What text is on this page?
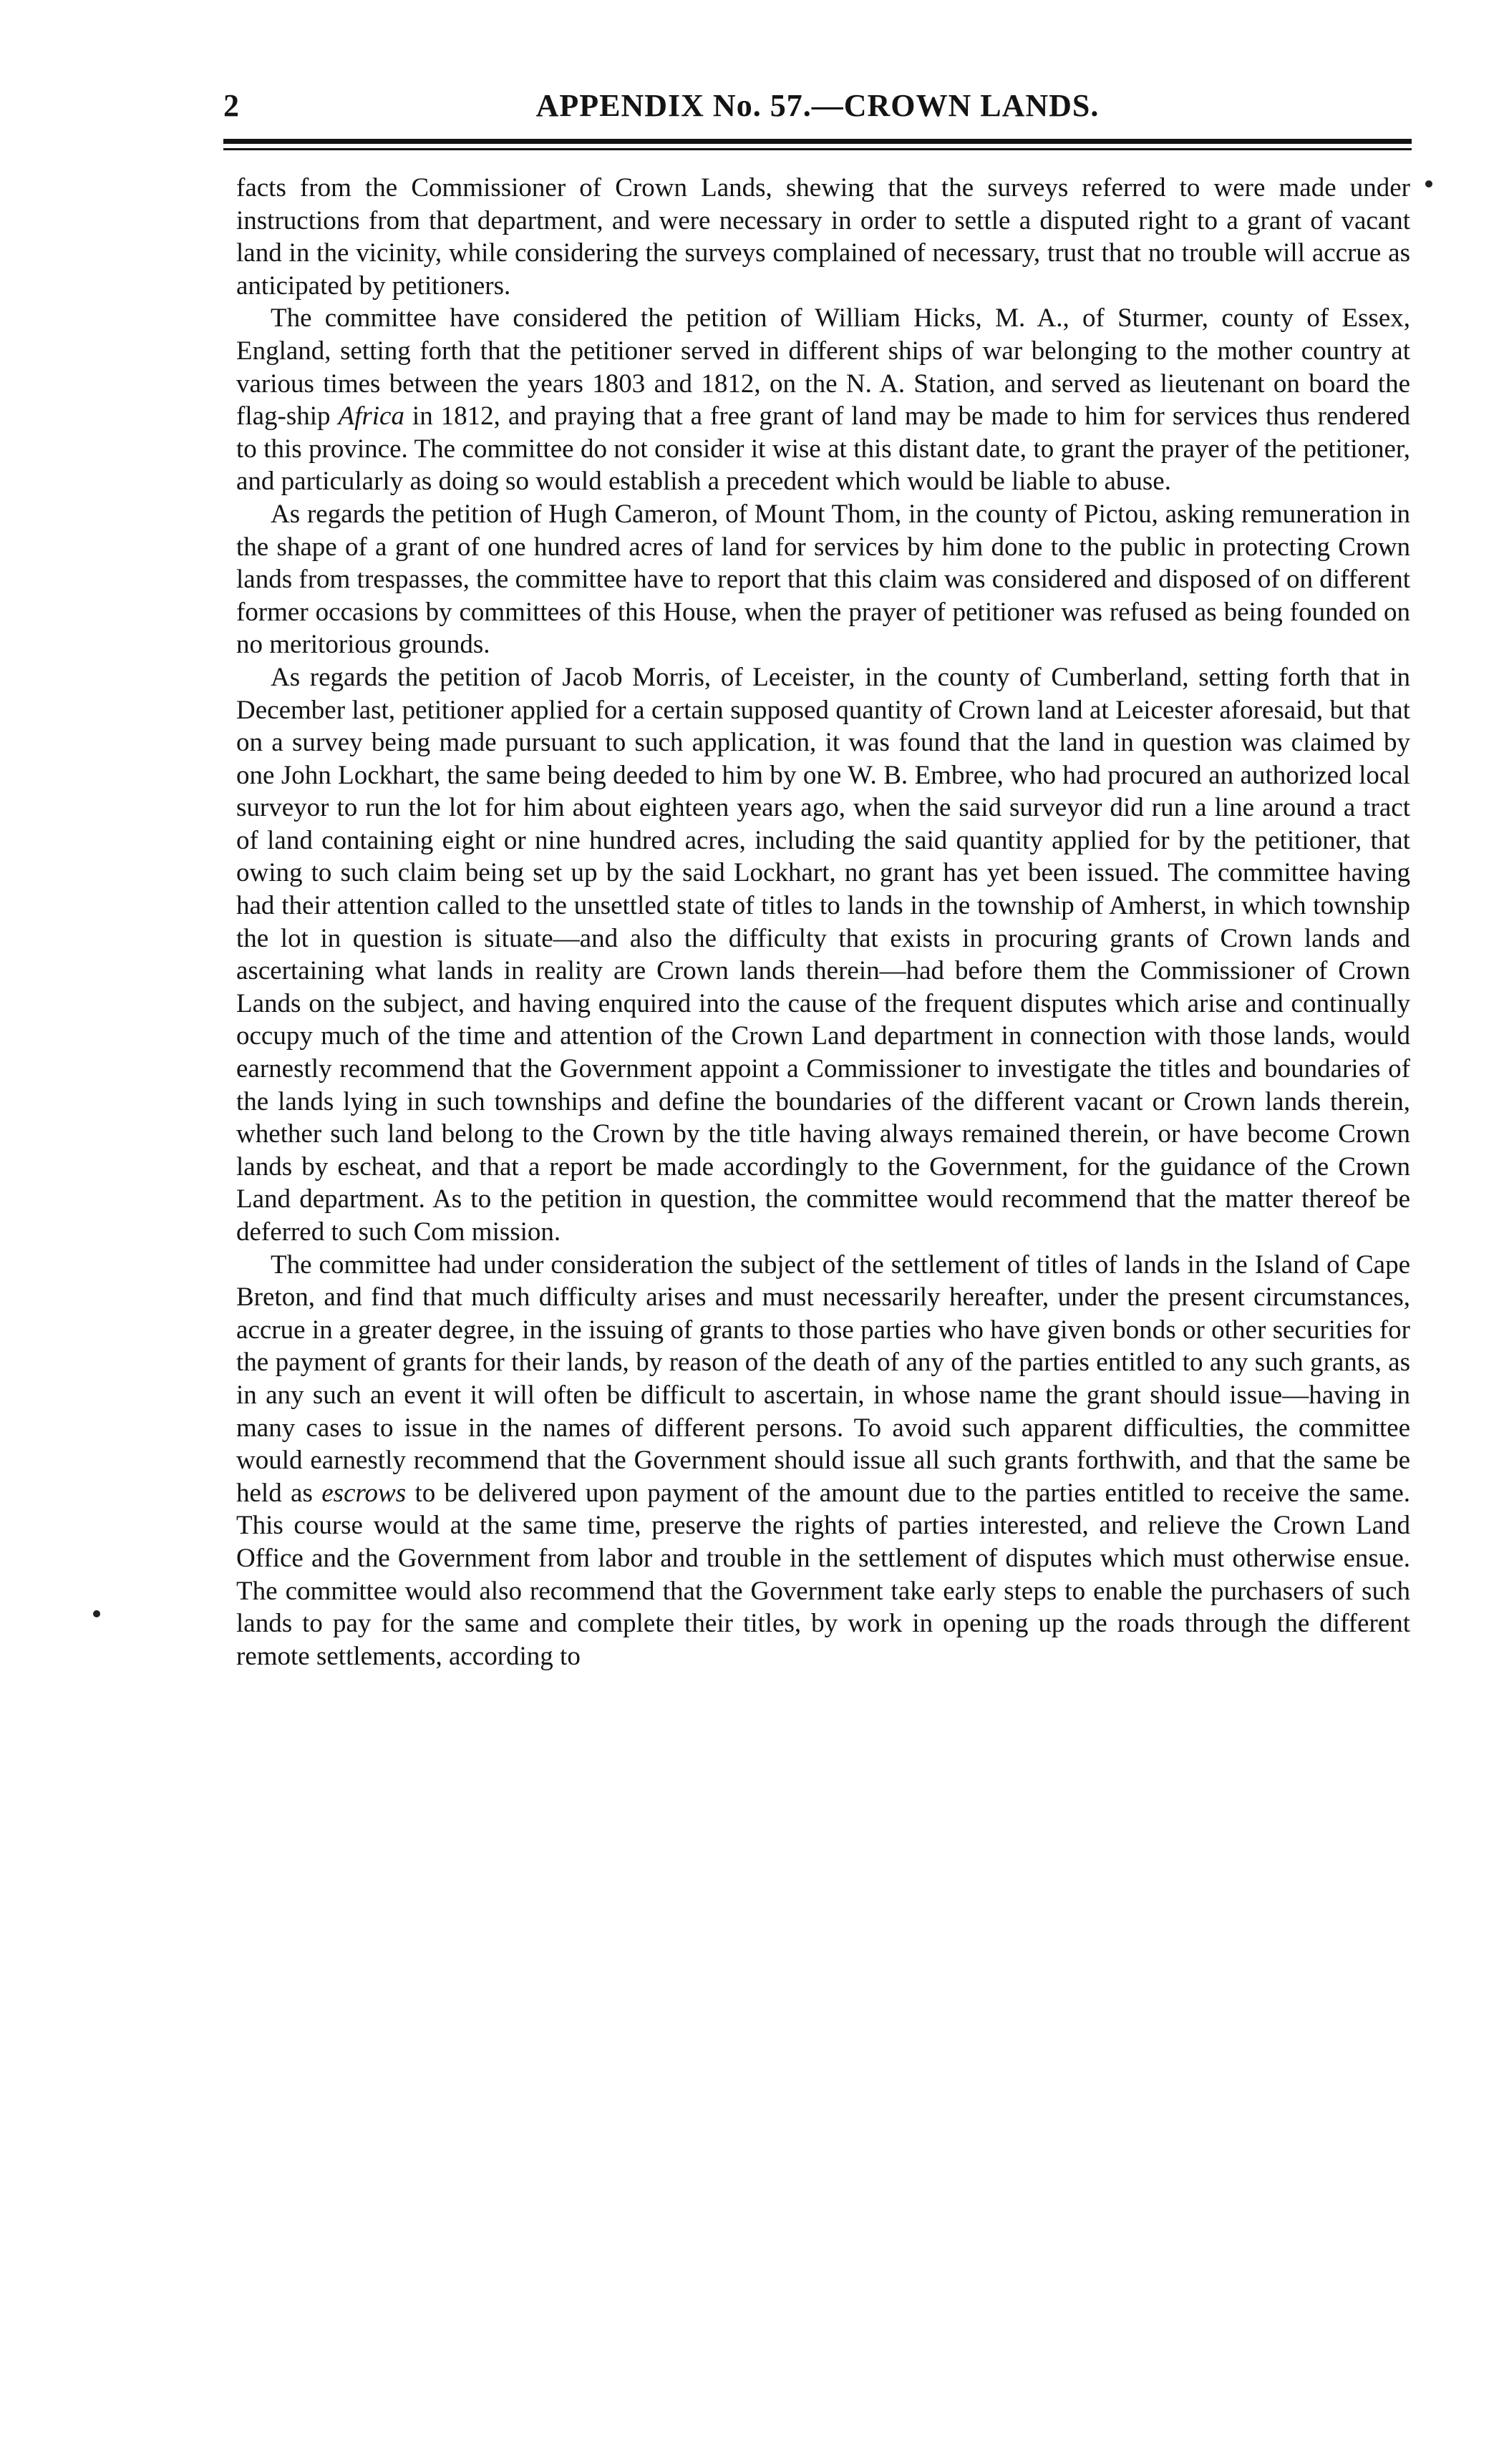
2	APPENDIX No. 57.—CROWN LANDS.

facts from the Commissioner of Crown Lands, shewing that the surveys referred to were made under instructions from that department, and were necessary in order to settle a disputed right to a grant of vacant land in the vicinity, while considering the surveys complained of necessary, trust that no trouble will accrue as anticipated by petitioners.

The committee have considered the petition of William Hicks, M. A., of Sturmer, county of Essex, England, setting forth that the petitioner served in different ships of war belonging to the mother country at various times between the years 1803 and 1812, on the N. A. Station, and served as lieutenant on board the flag-ship Africa in 1812, and praying that a free grant of land may be made to him for services thus rendered to this province. The committee do not consider it wise at this distant date, to grant the prayer of the petitioner, and particularly as doing so would establish a precedent which would be liable to abuse.

As regards the petition of Hugh Cameron, of Mount Thom, in the county of Pictou, asking remuneration in the shape of a grant of one hundred acres of land for services by him done to the public in protecting Crown lands from trespasses, the committee have to report that this claim was considered and disposed of on different former occasions by committees of this House, when the prayer of petitioner was refused as being founded on no meritorious grounds.

As regards the petition of Jacob Morris, of Leceister, in the county of Cumberland, setting forth that in December last, petitioner applied for a certain supposed quantity of Crown land at Leicester aforesaid, but that on a survey being made pursuant to such application, it was found that the land in question was claimed by one John Lockhart, the same being deeded to him by one W. B. Embree, who had procured an authorized local surveyor to run the lot for him about eighteen years ago, when the said surveyor did run a line around a tract of land containing eight or nine hundred acres, including the said quantity applied for by the petitioner, that owing to such claim being set up by the said Lockhart, no grant has yet been issued. The committee having had their attention called to the unsettled state of titles to lands in the township of Amherst, in which township the lot in question is situate—and also the difficulty that exists in procuring grants of Crown lands and ascertaining what lands in reality are Crown lands therein—had before them the Commissioner of Crown Lands on the subject, and having enquired into the cause of the frequent disputes which arise and continually occupy much of the time and attention of the Crown Land department in connection with those lands, would earnestly recommend that the Government appoint a Commissioner to investigate the titles and boundaries of the lands lying in such townships and define the boundaries of the different vacant or Crown lands therein, whether such land belong to the Crown by the title having always remained therein, or have become Crown lands by escheat, and that a report be made accordingly to the Government, for the guidance of the Crown Land department. As to the petition in question, the committee would recommend that the matter thereof be deferred to such Com mission.

The committee had under consideration the subject of the settlement of titles of lands in the Island of Cape Breton, and find that much difficulty arises and must necessarily hereafter, under the present circumstances, accrue in a greater degree, in the issuing of grants to those parties who have given bonds or other securities for the payment of grants for their lands, by reason of the death of any of the parties entitled to any such grants, as in any such an event it will often be difficult to ascertain, in whose name the grant should issue—having in many cases to issue in the names of different persons. To avoid such apparent difficulties, the committee would earnestly recommend that the Government should issue all such grants forthwith, and that the same be held as escrows to be delivered upon payment of the amount due to the parties entitled to receive the same. This course would at the same time, preserve the rights of parties interested, and relieve the Crown Land Office and the Government from labor and trouble in the settlement of disputes which must otherwise ensue. The committee would also recommend that the Government take early steps to enable the purchasers of such lands to pay for the same and complete their titles, by work in opening up the roads through the different remote settlements, according to
